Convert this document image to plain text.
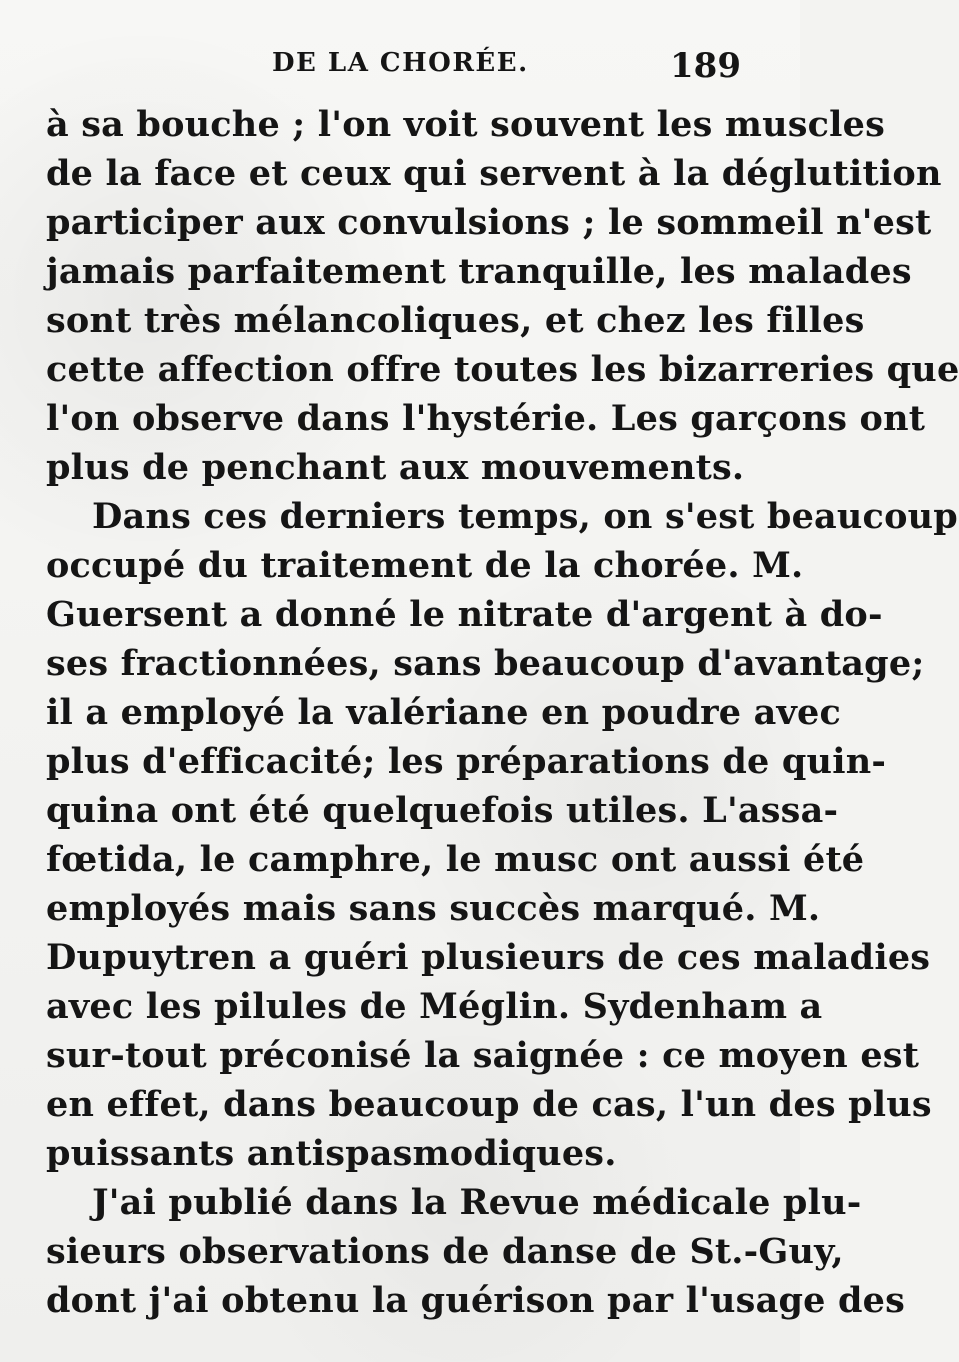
DE LA CHORÉE.	189
à sa bouche ; l'on voit souvent les muscles
de la face et ceux qui servent à la déglutition
participer aux convulsions ; le sommeil n'est
jamais parfaitement tranquille, les malades
sont très mélancoliques, et chez les filles
cette affection offre toutes les bizarreries que
l'on observe dans l'hystérie. Les garçons ont
plus de penchant aux mouvements.
Dans ces derniers temps, on s'est beaucoup
occupé du traitement de la chorée. M.
Guersent a donné le nitrate d'argent à do-
ses fractionnées, sans beaucoup d'avantage;
il a employé la valériane en poudre avec
plus d'efficacité; les préparations de quin-
quina ont été quelquefois utiles. L'assa-
fœtida, le camphre, le musc ont aussi été
employés mais sans succès marqué. M.
Dupuytren a guéri plusieurs de ces maladies
avec les pilules de Méglin. Sydenham a
sur-tout préconisé la saignée : ce moyen est
en effet, dans beaucoup de cas, l'un des plus
puissants antispasmodiques.
J'ai publié dans la Revue médicale plu-
sieurs observations de danse de St.-Guy,
dont j'ai obtenu la guérison par l'usage des
